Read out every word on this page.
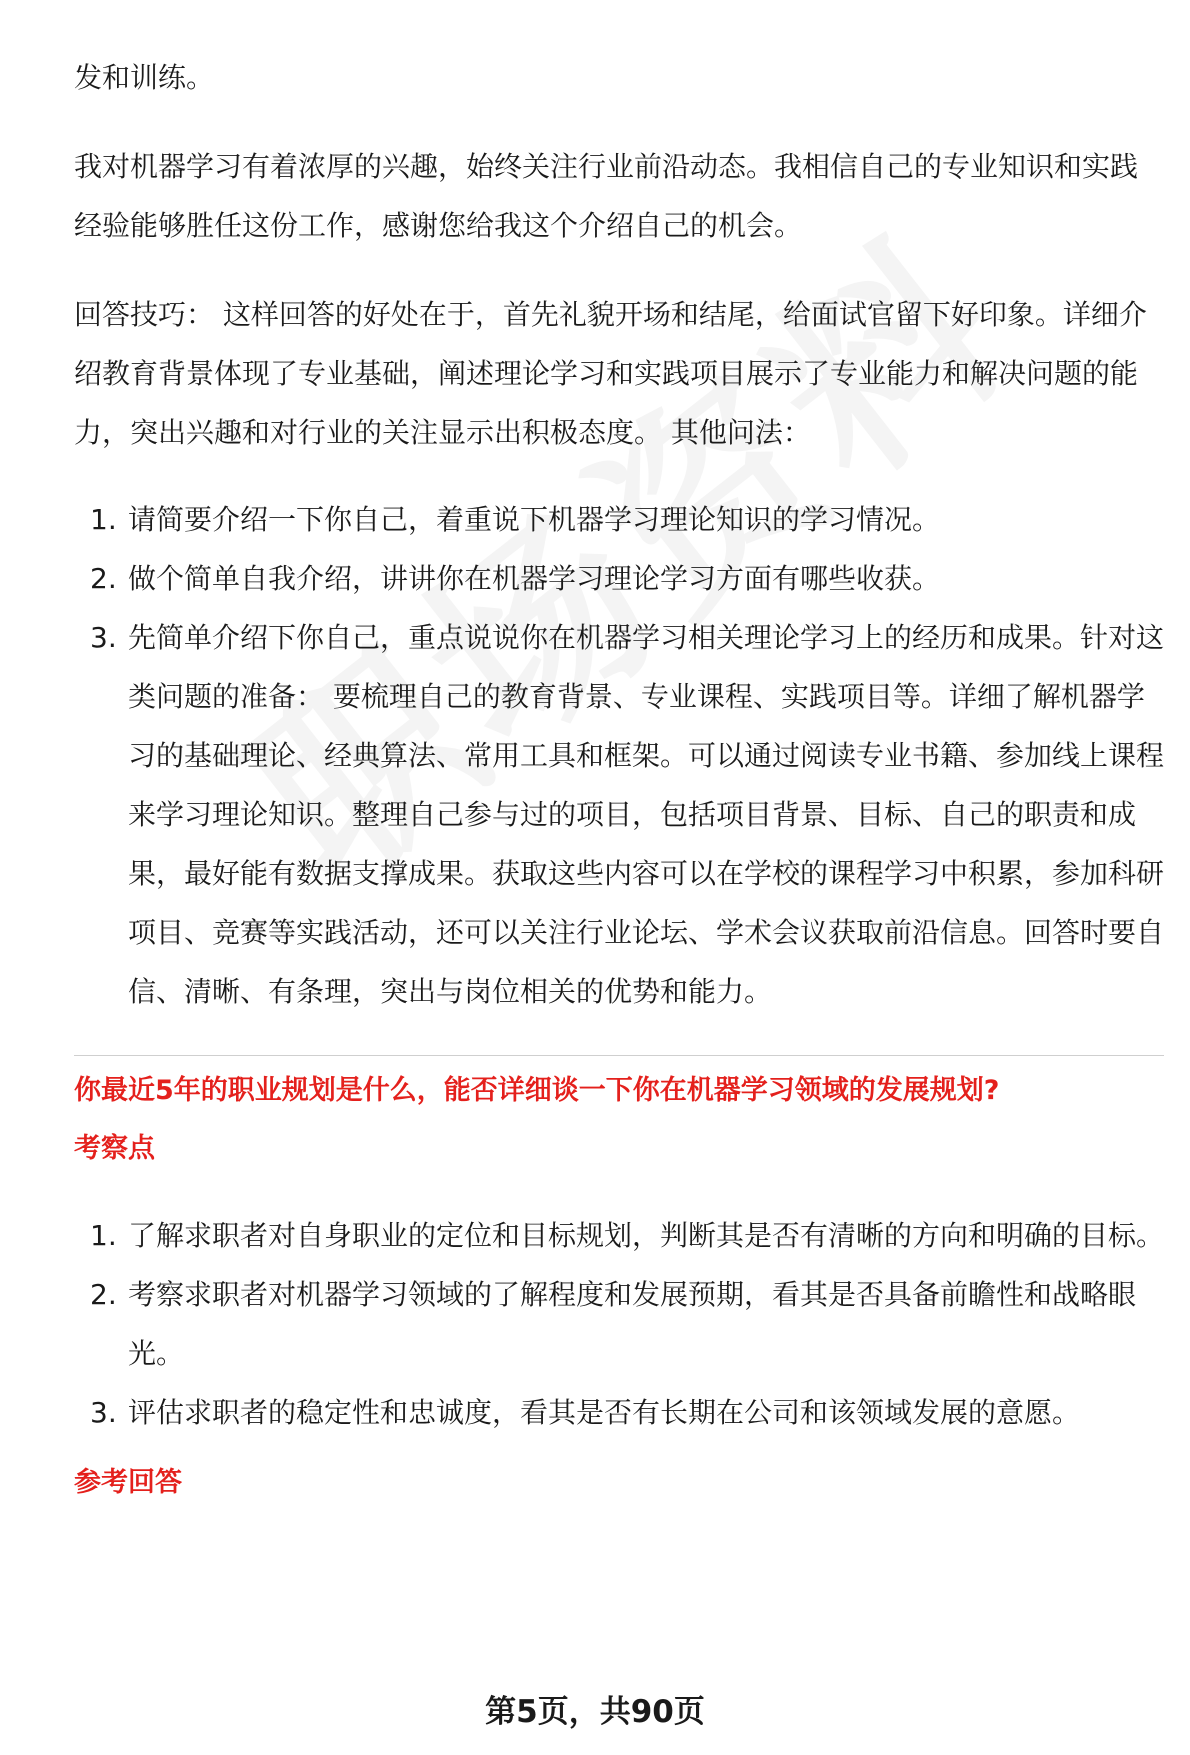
发和训练。

我对机器学习有着浓厚的兴趣，始终关注行业前沿动态。我相信自己的专业知识和实践经验能够胜任这份工作，感谢您给我这个介绍自己的机会。

回答技巧： 这样回答的好处在于，首先礼貌开场和结尾，给面试官留下好印象。详细介绍教育背景体现了专业基础，阐述理论学习和实践项目展示了专业能力和解决问题的能力，突出兴趣和对行业的关注显示出积极态度。 其他问法：

1. 请简要介绍一下你自己，着重说下机器学习理论知识的学习情况。
2. 做个简单自我介绍，讲讲你在机器学习理论学习方面有哪些收获。
3. 先简单介绍下你自己，重点说说你在机器学习相关理论学习上的经历和成果。针对这类问题的准备： 要梳理自己的教育背景、专业课程、实践项目等。详细了解机器学习的基础理论、经典算法、常用工具和框架。可以通过阅读专业书籍、参加线上课程来学习理论知识。整理自己参与过的项目，包括项目背景、目标、自己的职责和成果，最好能有数据支撑成果。获取这些内容可以在学校的课程学习中积累，参加科研项目、竞赛等实践活动，还可以关注行业论坛、学术会议获取前沿信息。回答时要自信、清晰、有条理，突出与岗位相关的优势和能力。

你最近5年的职业规划是什么，能否详细谈一下你在机器学习领域的发展规划?

考察点

1. 了解求职者对自身职业的定位和目标规划，判断其是否有清晰的方向和明确的目标。
2. 考察求职者对机器学习领域的了解程度和发展预期，看其是否具备前瞻性和战略眼光。
3. 评估求职者的稳定性和忠诚度，看其是否有长期在公司和该领域发展的意愿。

参考回答

第5页，共90页
